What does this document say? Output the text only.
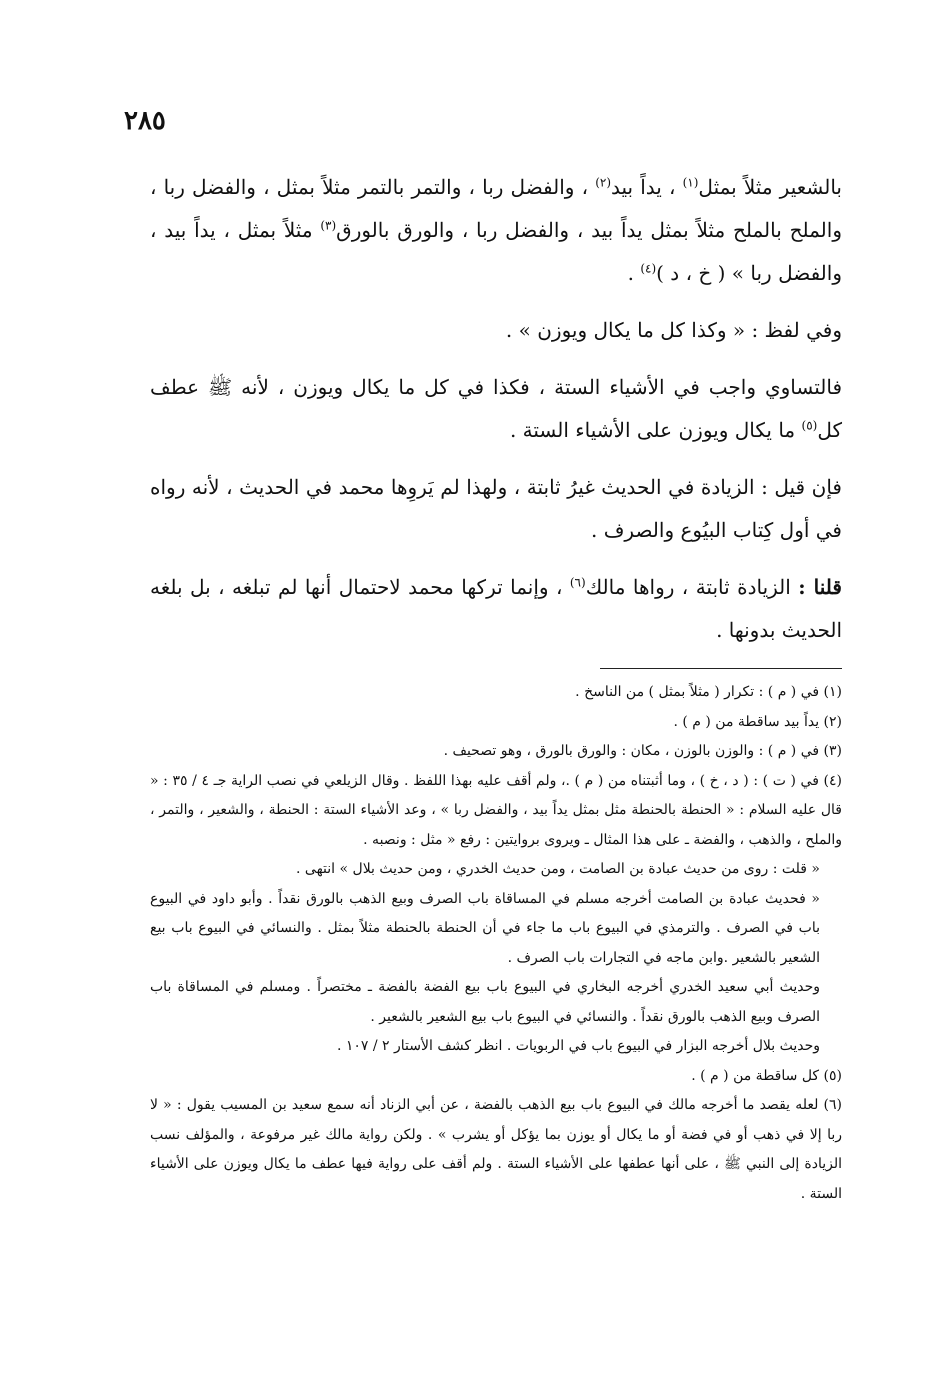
٢٨٥

بالشعير مثلاً بمثل$^{(١)}$ ، يداً بيد$^{(٢)}$ ، والفضل ربا ، والتمر بالتمر مثلاً بمثل ، والفضل ربا ، والملح بالملح مثلاً بمثل يداً بيد ، والفضل ربا ، والورق بالورق$^{(٣)}$ مثلاً بمثل ، يداً بيد ، والفضل ربا » ( خ ، د )$^{(٤)}$ .

وفي لفظ : « وكذا كل ما يكال ويوزن » .

فالتساوي واجب في الأشياء الستة ، فكذا في كل ما يكال ويوزن ، لأنه ﷺ عطف كل$^{(٥)}$ ما يكال ويوزن على الأشياء الستة .

فإن قيل : الزيادة في الحديث غيرُ ثابتة ، ولهذا لم يَروِها محمد في الحديث ، لأنه رواه في أول كِتاب البيُوع والصرف .

قلنا : الزيادة ثابتة ، رواها مالك$^{(٦)}$ ، وإنما تركها محمد لاحتمال أنها لم تبلغه ، بل بلغه الحديث بدونها .

(١) في ( م ) : تكرار ( مثلاً بمثل ) من الناسخ .

(٢) يداً بيد ساقطة من ( م ) .

(٣) في ( م ) : والوزن بالوزن ، مكان : والورق بالورق ، وهو تصحيف .

(٤) في ( ت ) : ( د ، خ ) ، وما أثبتناه من ( م ) .، ولم أقف عليه بهذا اللفظ . وقال الزيلعي في نصب الراية جـ ٤ / ٣٥ : « قال عليه السلام : « الحنطة بالحنطة مثل بمثل يداً بيد ، والفضل ربا » ، وعد الأشياء الستة : الحنطة ، والشعير ، والتمر ، والملح ، والذهب ، والفضة ـ على هذا المثال ـ ويروى بروايتين : رفع « مثل : ونصبه .

« قلت : روى من حديث عبادة بن الصامت ، ومن حديث الخدري ، ومن حديث بلال » انتهى .

« فحديث عبادة بن الصامت أخرجه مسلم في المساقاة باب الصرف وبيع الذهب بالورق نقداً . وأبو داود في البيوع باب في الصرف . والترمذي في البيوع باب ما جاء في أن الحنطة بالحنطة مثلاً بمثل . والنسائي في البيوع باب بيع الشعير بالشعير .وابن ماجه في التجارات باب الصرف .

وحديث أبي سعيد الخدري أخرجه البخاري في البيوع باب بيع الفضة بالفضة ـ مختصراً . ومسلم في المساقاة باب الصرف وبيع الذهب بالورق نقداً . والنسائي في البيوع باب بيع الشعير بالشعير .

وحديث بلال أخرجه البزار في البيوع باب في الربويات . انظر كشف الأستار ٢ / ١٠٧ .

(٥) كل ساقطة من ( م ) .

(٦) لعله يقصد ما أخرجه مالك في البيوع باب بيع الذهب بالفضة ، عن أبي الزناد أنه سمع سعيد بن المسيب يقول : « لا ربا إلا في ذهب أو في فضة أو ما يكال أو يوزن بما يؤكل أو يشرب » . ولكن رواية مالك غير مرفوعة ، والمؤلف نسب الزيادة إلى النبي ﷺ ، على أنها عطفها على الأشياء الستة . ولم أقف على رواية فيها عطف ما يكال ويوزن على الأشياء الستة .
